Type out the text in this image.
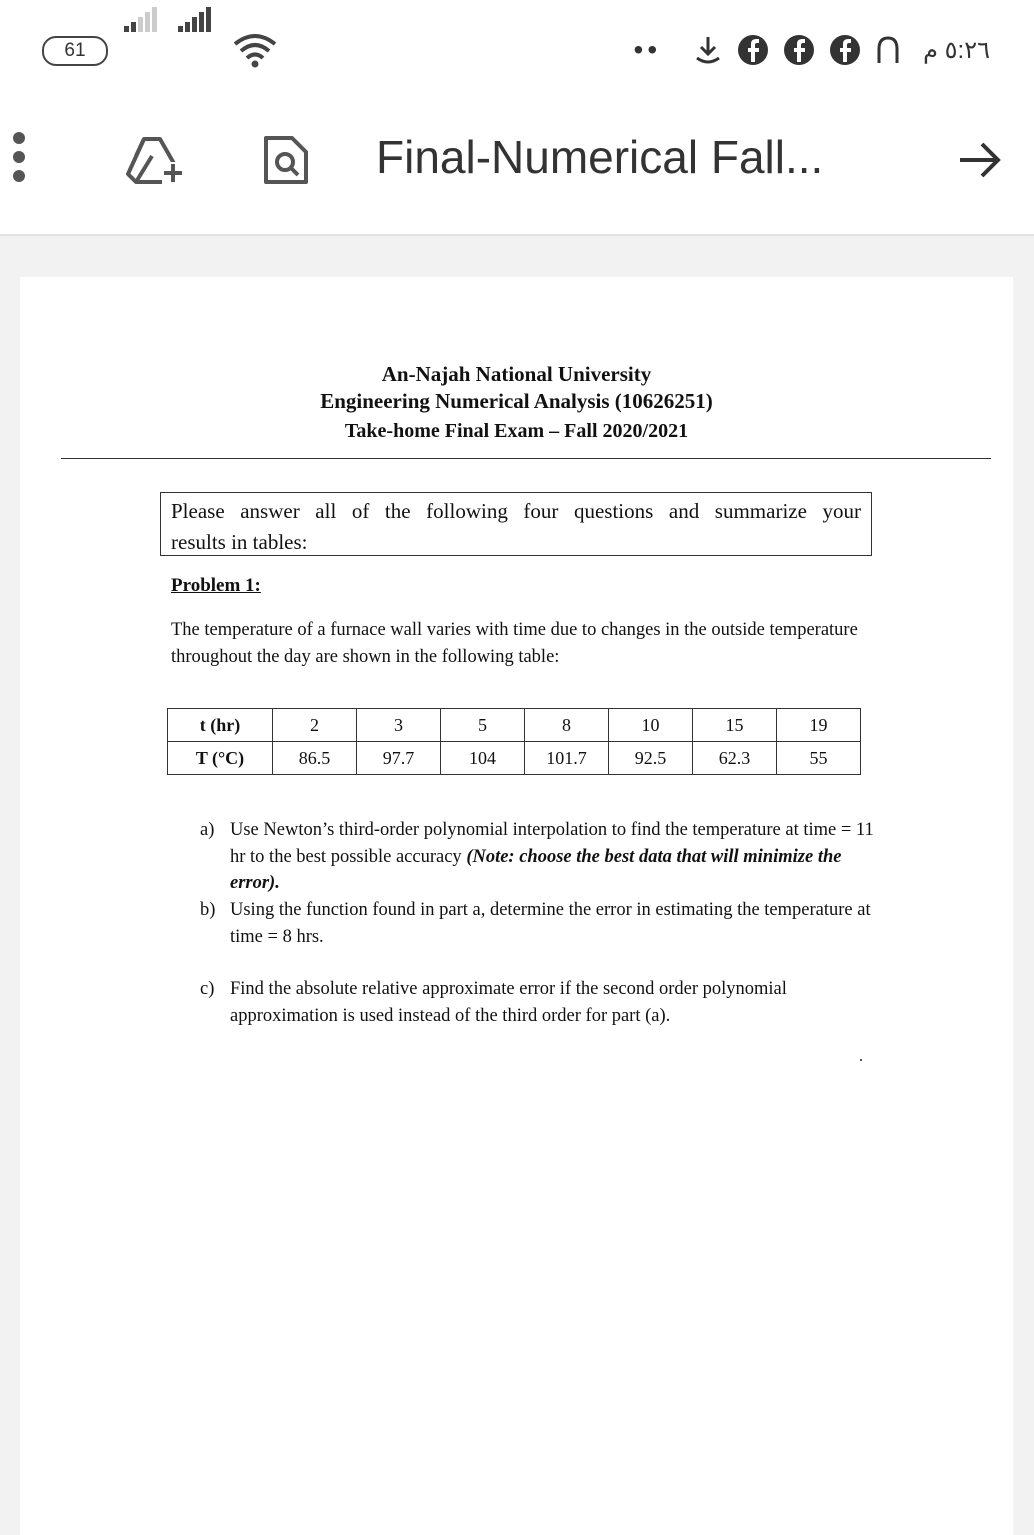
61	••	٥:٢٦ م
Final-Numerical Fall...
An-Najah National University
Engineering Numerical Analysis (10626251)
Take-home Final Exam – Fall 2020/2021
Please answer all of the following four questions and summarize your
results in tables:
Problem 1:
The temperature of a furnace wall varies with time due to changes in the outside temperature throughout the day are shown in the following table:
t (hr)	2	3	5	8	10	15	19
T (°C)	86.5	97.7	104	101.7	92.5	62.3	55
a) Use Newton’s third-order polynomial interpolation to find the temperature at time = 11 hr to the best possible accuracy (Note: choose the best data that will minimize the error).
b) Using the function found in part a, determine the error in estimating the temperature at time = 8 hrs.
c) Find the absolute relative approximate error if the second order polynomial approximation is used instead of the third order for part (a).
